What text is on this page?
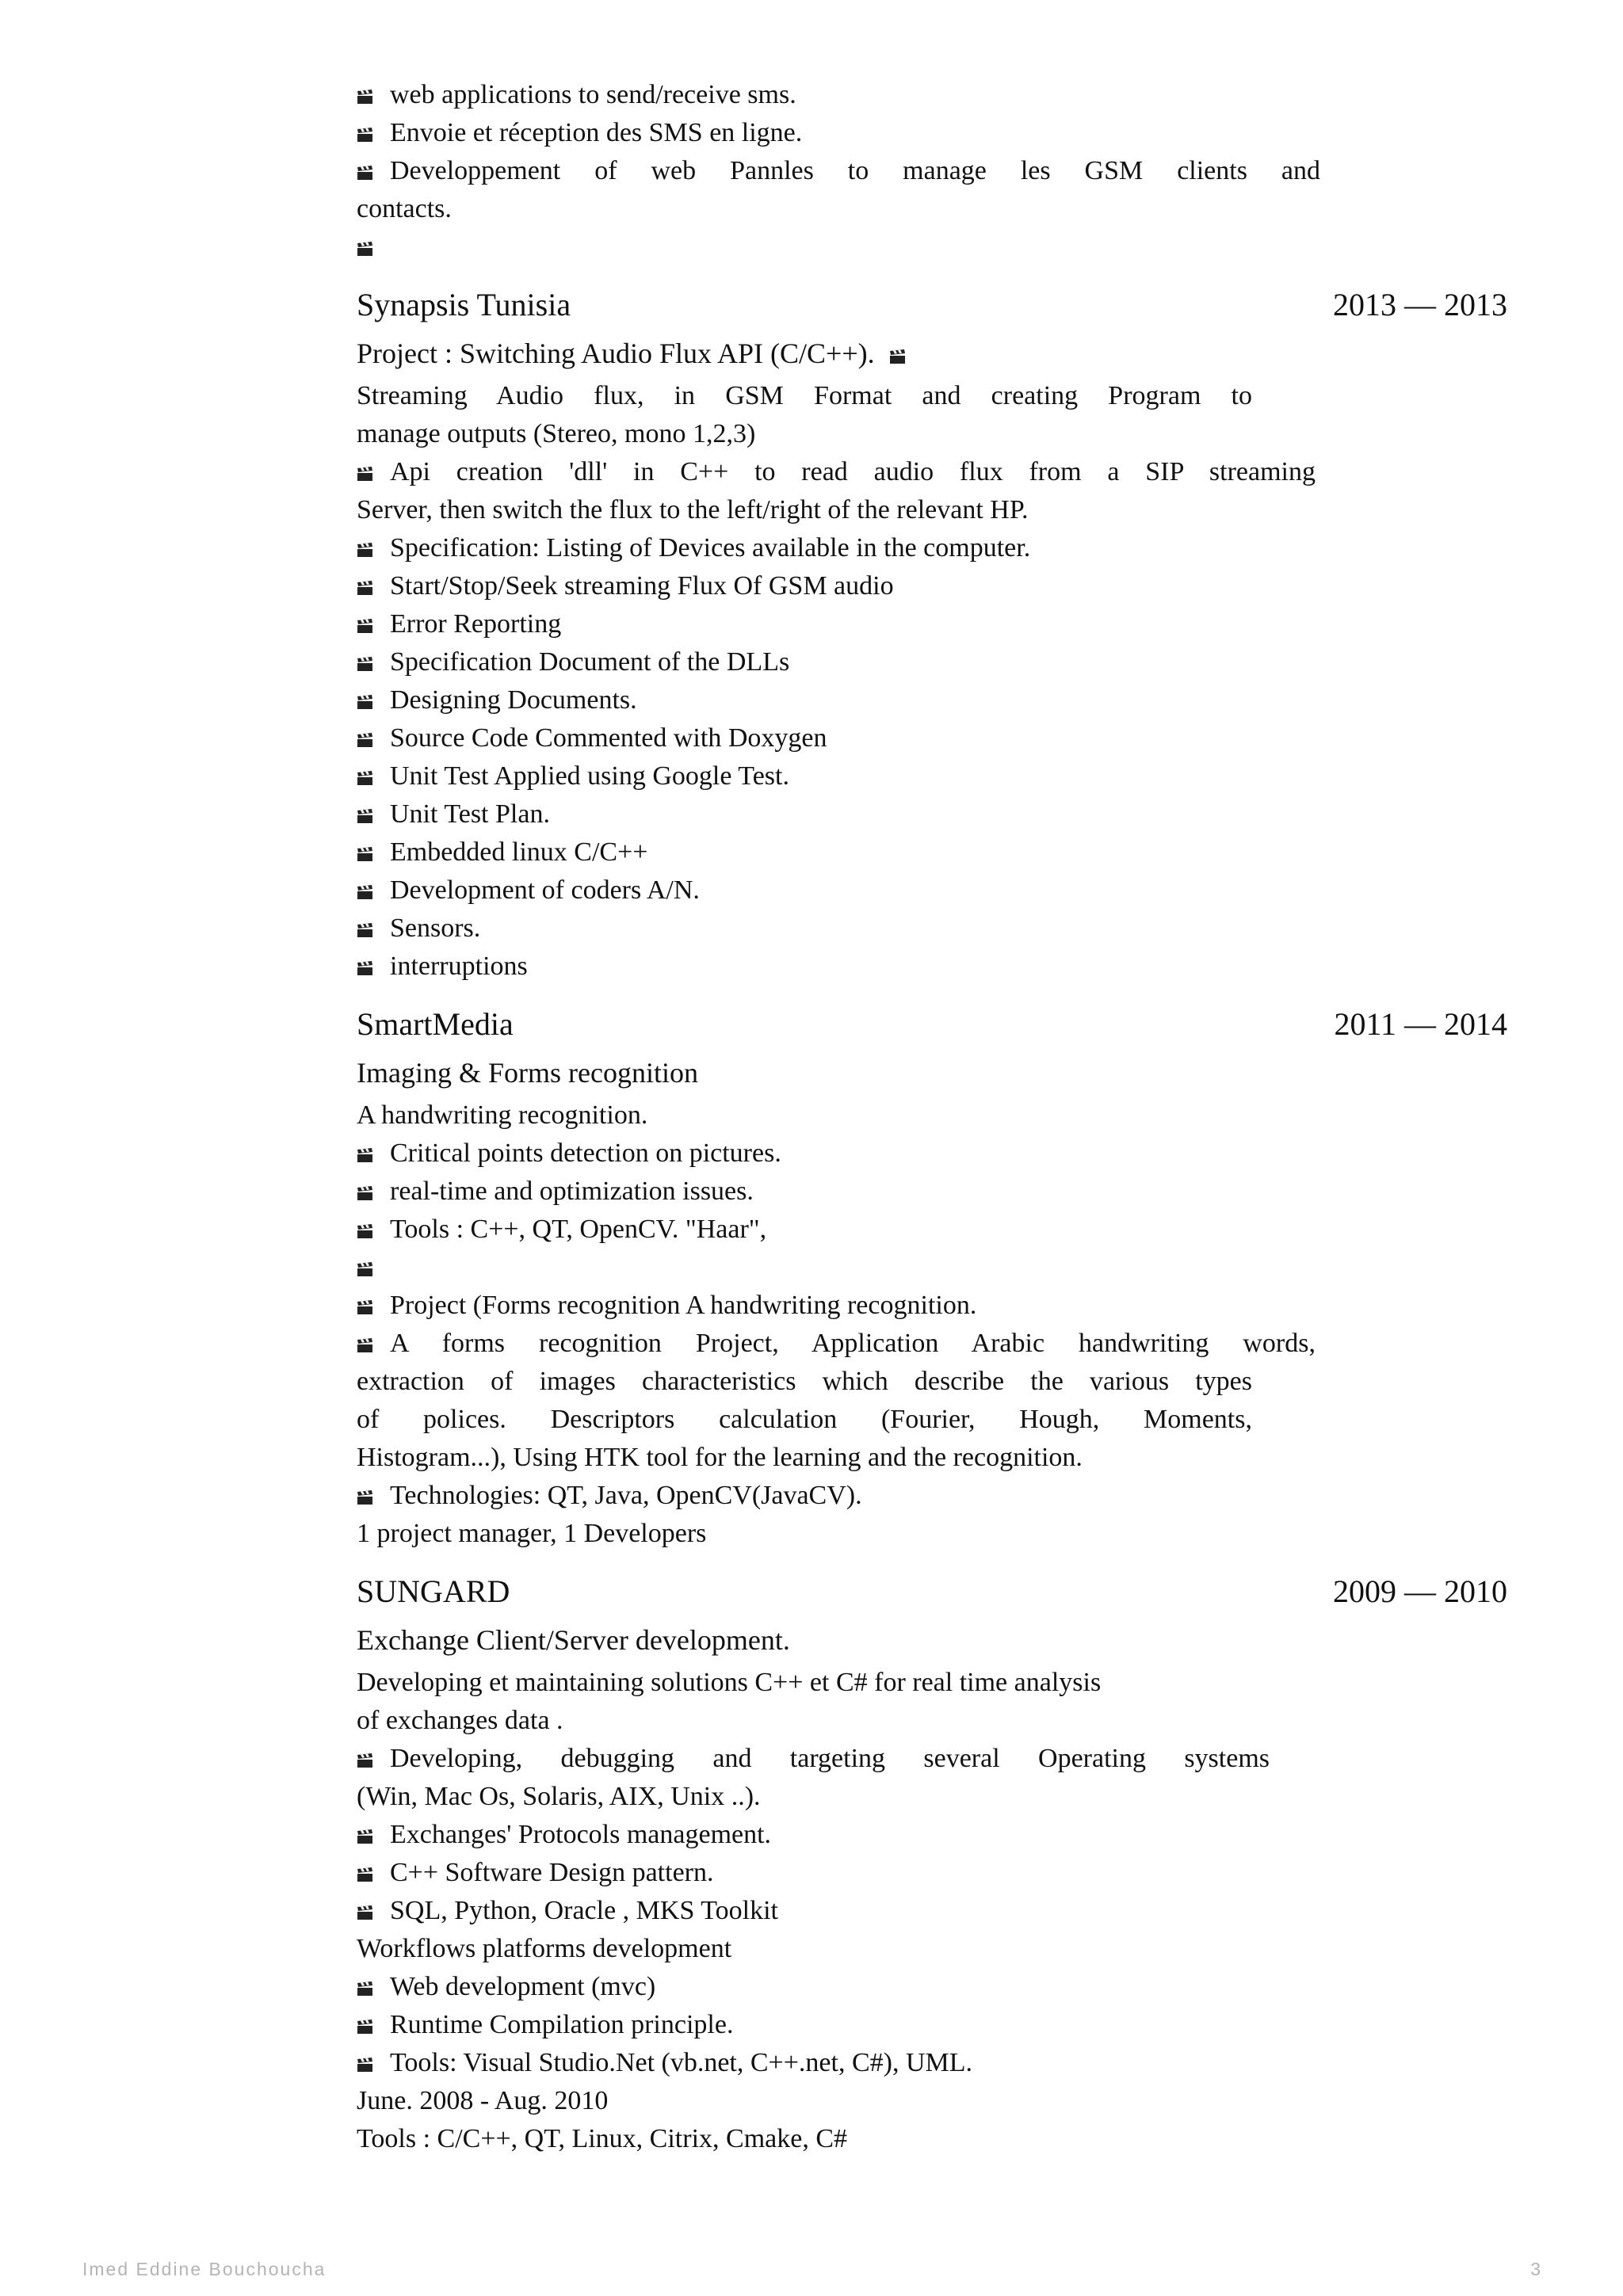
web applications to send/receive sms.
Envoie et réception des SMS en ligne.
Developpement of web Pannles to manage les GSM clients and
contacts.
Synapsis Tunisia	2013 — 2013
Project : Switching Audio Flux API (C/C++).
Streaming Audio flux, in GSM Format and creating Program to
manage outputs (Stereo, mono 1,2,3)
Api creation 'dll' in C++ to read audio flux from a SIP streaming
Server, then switch the flux to the left/right of the relevant HP.
Specification: Listing of Devices available in the computer.
Start/Stop/Seek streaming Flux Of GSM audio
Error Reporting
Specification Document of the DLLs
Designing Documents.
Source Code Commented with Doxygen
Unit Test Applied using Google Test.
Unit Test Plan.
Embedded linux C/C++
Development of coders A/N.
Sensors.
interruptions
SmartMedia	2011 — 2014
Imaging & Forms recognition
A handwriting recognition.
Critical points detection on pictures.
real-time and optimization issues.
Tools : C++, QT, OpenCV. "Haar",
Project (Forms recognition A handwriting recognition.
A forms recognition Project, Application Arabic handwriting words,
extraction of images characteristics which describe the various types
of polices. Descriptors calculation (Fourier, Hough, Moments,
Histogram...), Using HTK tool for the learning and the recognition.
Technologies: QT, Java, OpenCV(JavaCV).
1 project manager, 1 Developers
SUNGARD	2009 — 2010
Exchange Client/Server development.
Developing et maintaining solutions C++ et C# for real time analysis
of exchanges data .
Developing, debugging and targeting several Operating systems
(Win, Mac Os, Solaris, AIX, Unix ..).
Exchanges' Protocols management.
C++ Software Design pattern.
SQL, Python, Oracle , MKS Toolkit
Workflows platforms development
Web development (mvc)
Runtime Compilation principle.
Tools: Visual Studio.Net (vb.net, C++.net, C#), UML.
June. 2008 - Aug. 2010
Tools : C/C++, QT, Linux, Citrix, Cmake, C#
Imed Eddine Bouchoucha	3
